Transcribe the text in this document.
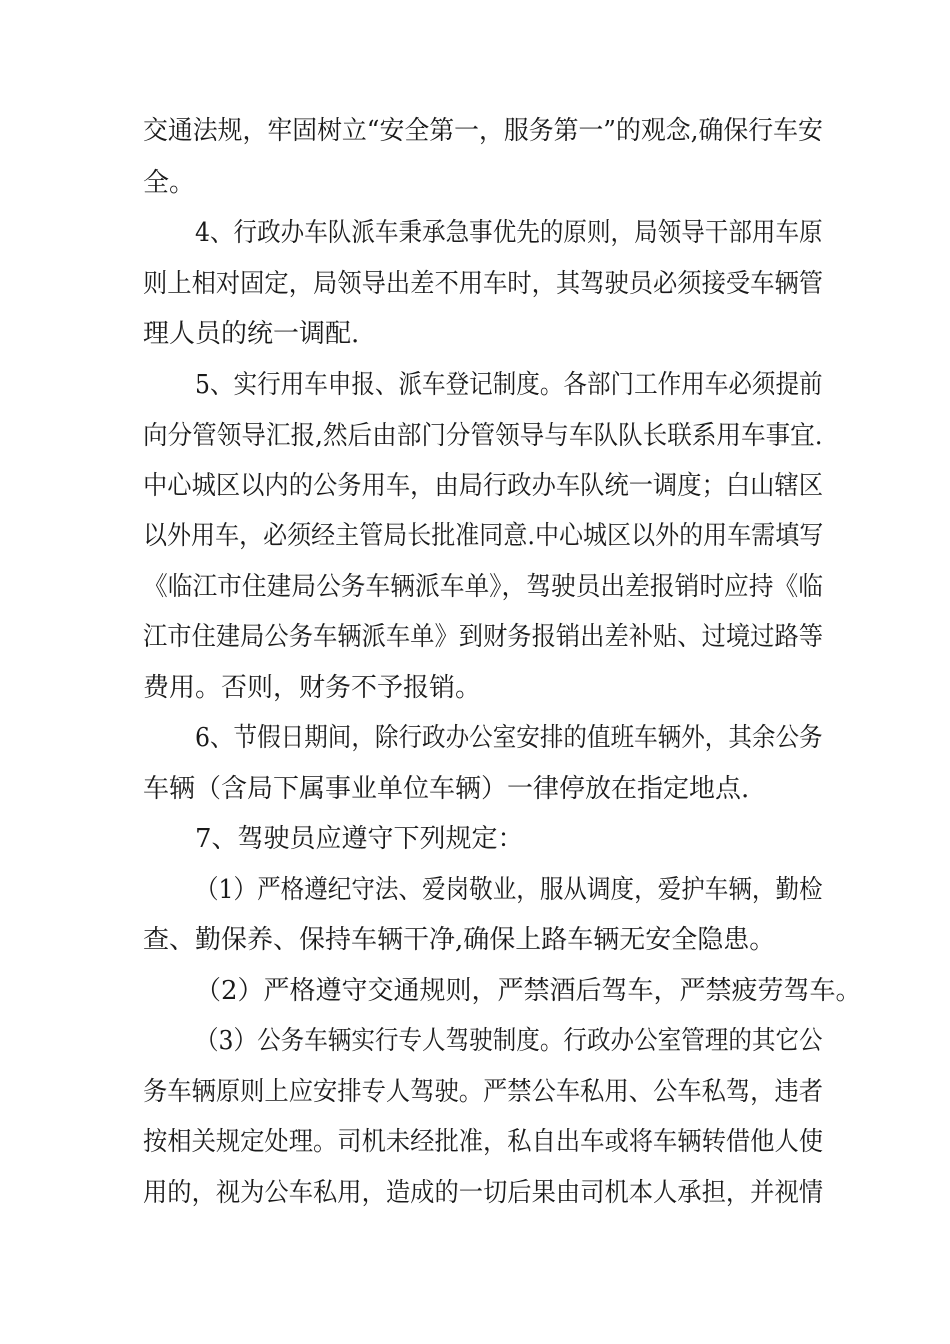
交通法规，牢固树立“安全第一，服务第一”的观念,确保行车安
全。
4、行政办车队派车秉承急事优先的原则，局领导干部用车原
则上相对固定，局领导出差不用车时，其驾驶员必须接受车辆管
理人员的统一调配.
5、实行用车申报、派车登记制度。各部门工作用车必须提前
向分管领导汇报,然后由部门分管领导与车队队长联系用车事宜.
中心城区以内的公务用车，由局行政办车队统一调度；白山辖区
以外用车，必须经主管局长批准同意.中心城区以外的用车需填写
《临江市住建局公务车辆派车单》，驾驶员出差报销时应持《临
江市住建局公务车辆派车单》到财务报销出差补贴、过境过路等
费用。否则，财务不予报销。
6、节假日期间，除行政办公室安排的值班车辆外，其余公务
车辆（含局下属事业单位车辆）一律停放在指定地点.
7、驾驶员应遵守下列规定：
（1）严格遵纪守法、爱岗敬业，服从调度，爱护车辆，勤检
查、勤保养、保持车辆干净,确保上路车辆无安全隐患。
（2）严格遵守交通规则，严禁酒后驾车，严禁疲劳驾车。
（3）公务车辆实行专人驾驶制度。行政办公室管理的其它公
务车辆原则上应安排专人驾驶。严禁公车私用、公车私驾，违者
按相关规定处理。司机未经批准，私自出车或将车辆转借他人使
用的，视为公车私用，造成的一切后果由司机本人承担，并视情
